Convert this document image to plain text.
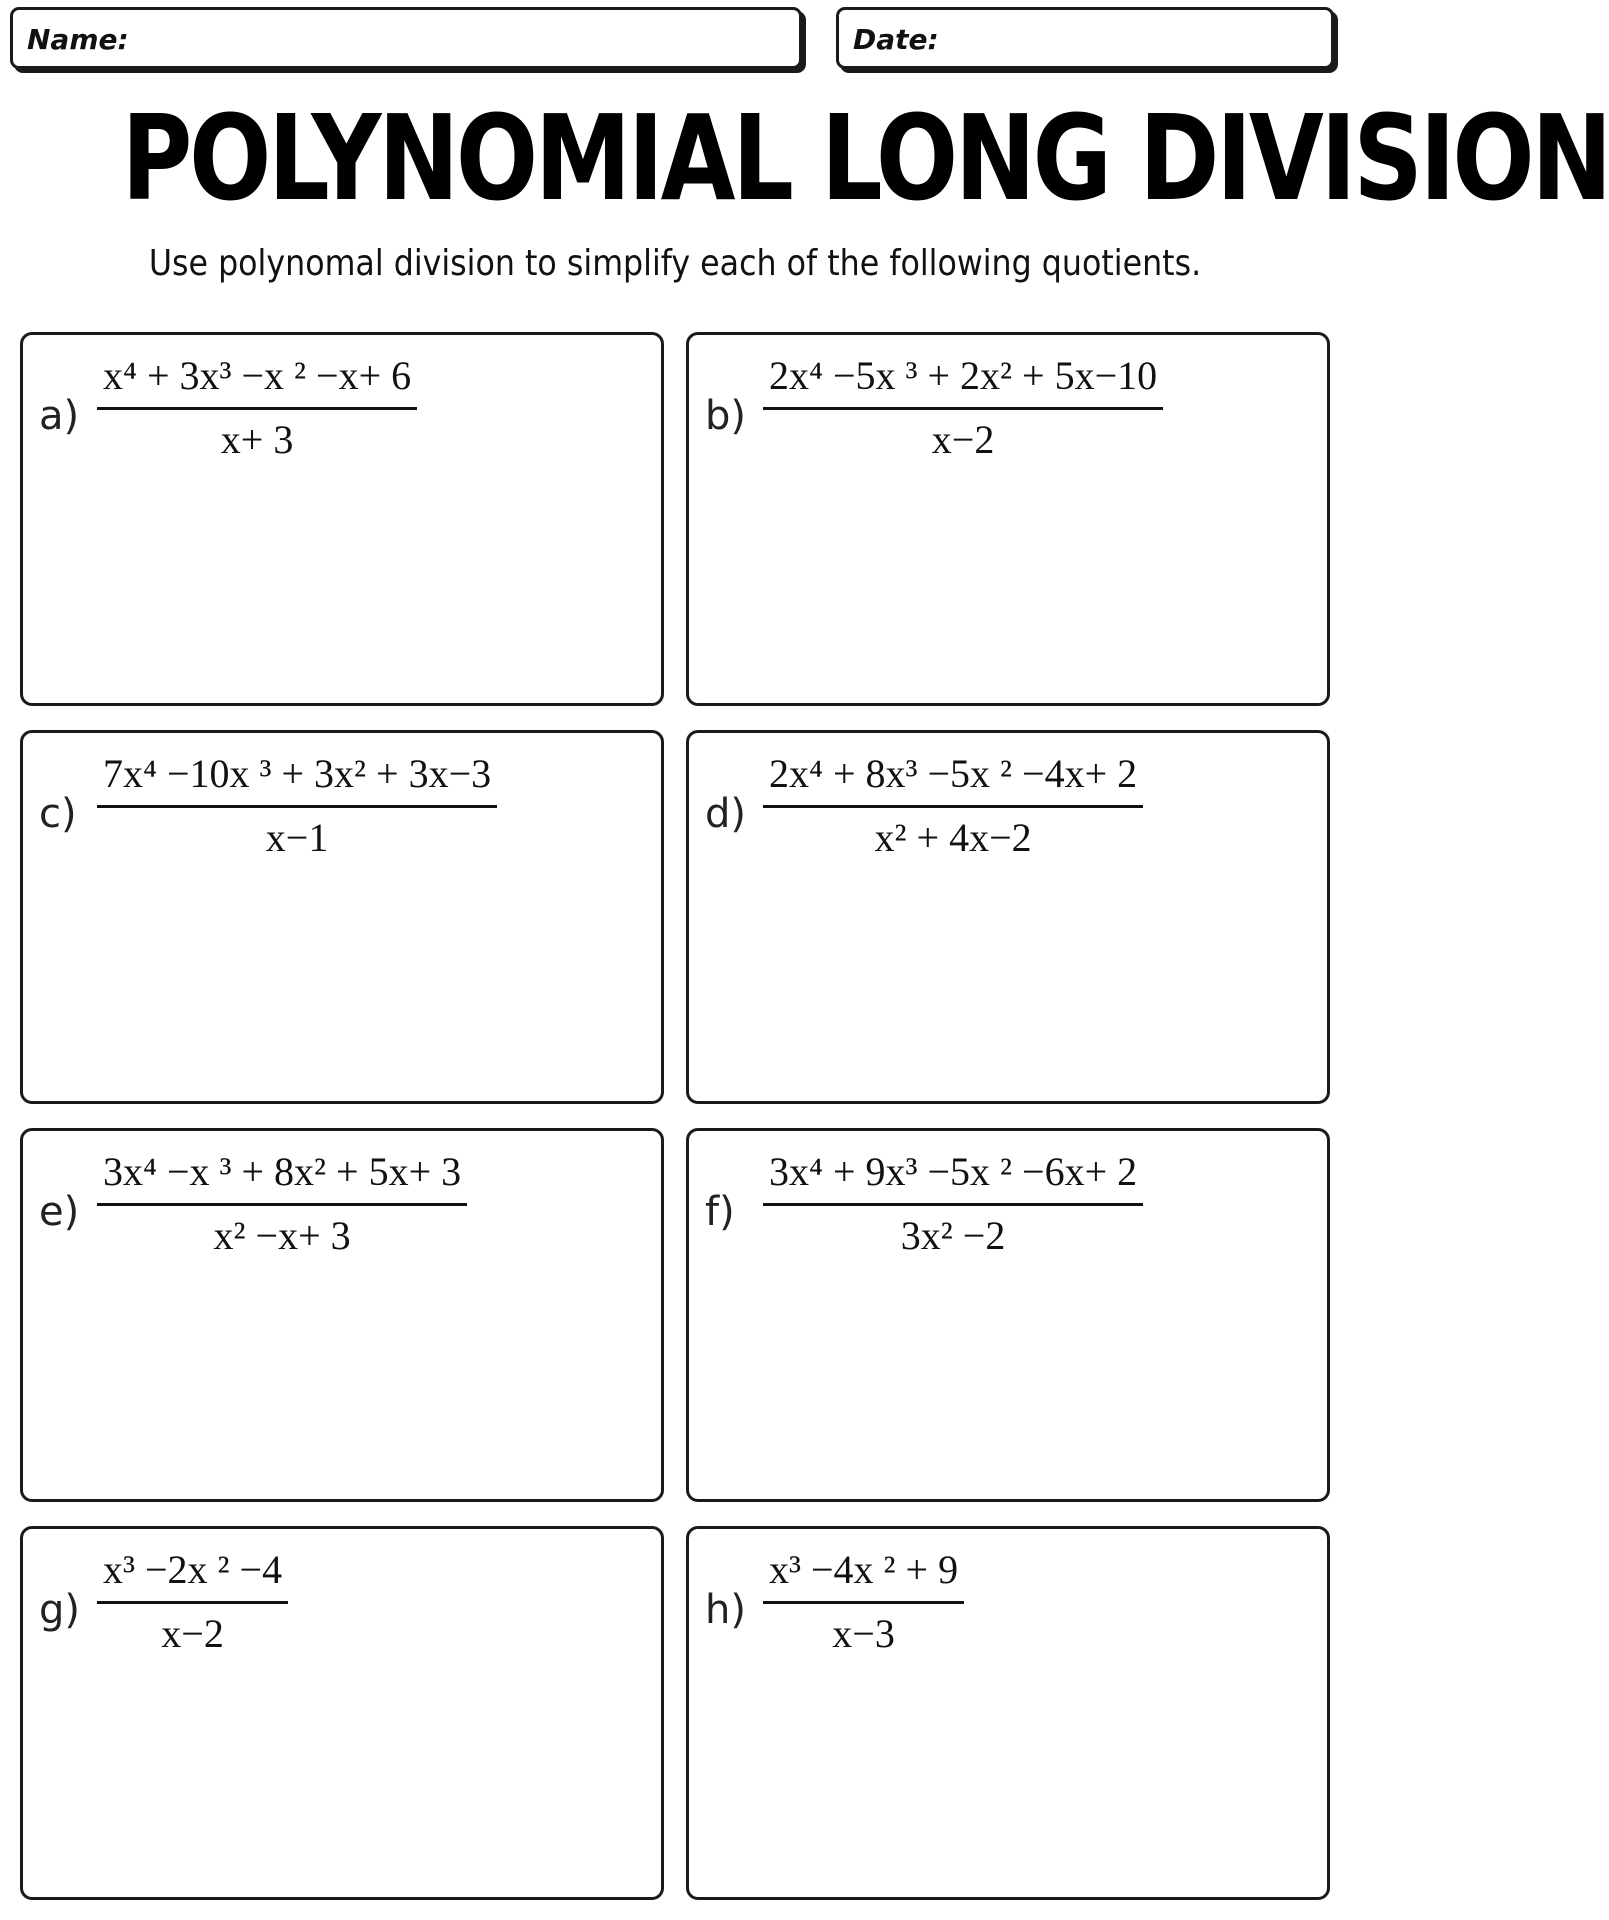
Name:	Date:
POLYNOMIAL LONG DIVISION
Use polynomal division to simplify each of the following quotients.
a)
x⁴ + 3x³ −x ² −x+ 6
x+ 3
b)
2x⁴ −5x ³ + 2x² + 5x−10
x−2
c)
7x⁴ −10x ³ + 3x² + 3x−3
x−1
d)
2x⁴ + 8x³ −5x ² −4x+ 2
x² + 4x−2
e)
3x⁴ −x ³ + 8x² + 5x+ 3
x² −x+ 3
f)
3x⁴ + 9x³ −5x ² −6x+ 2
3x² −2
g)
x³ −2x ² −4
x−2
h)
x³ −4x ² + 9
x−3
